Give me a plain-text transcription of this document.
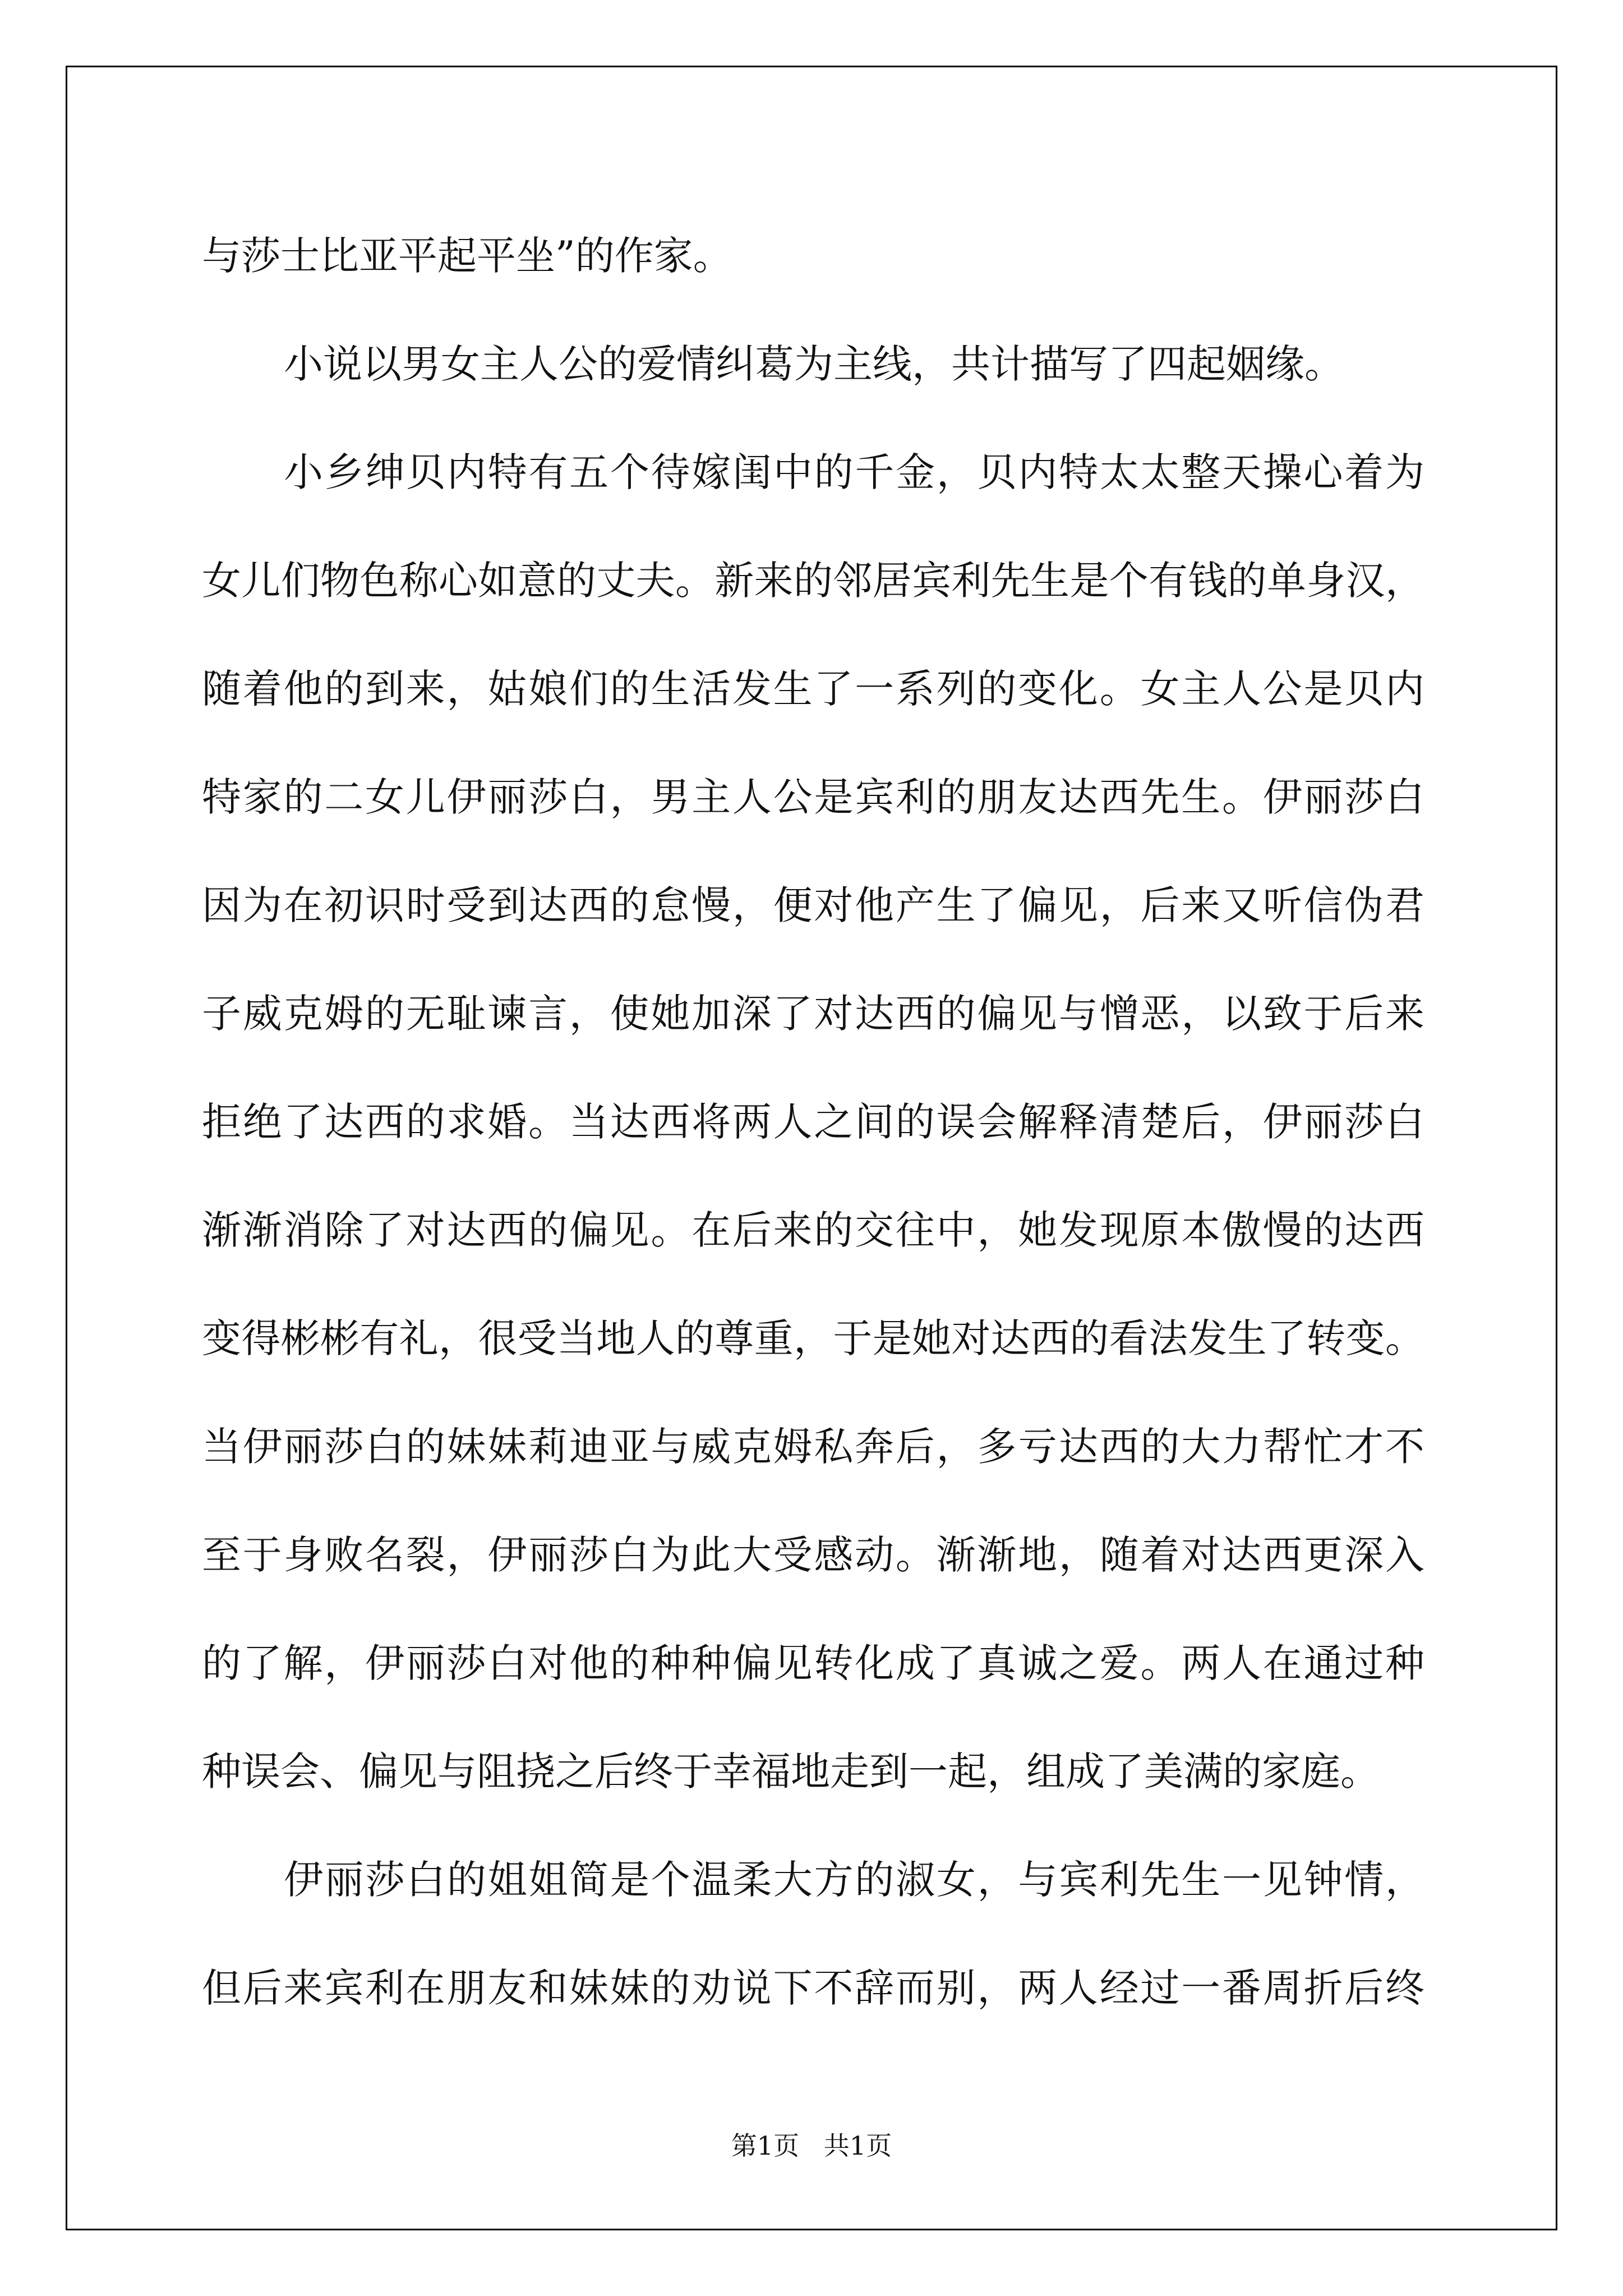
与莎士比亚平起平坐”的作家。
小说以男女主人公的爱情纠葛为主线，共计描写了四起姻缘。
小乡绅贝内特有五个待嫁闺中的千金，贝内特太太整天操心着为
女儿们物色称心如意的丈夫。新来的邻居宾利先生是个有钱的单身汉，
随着他的到来，姑娘们的生活发生了一系列的变化。女主人公是贝内
特家的二女儿伊丽莎白，男主人公是宾利的朋友达西先生。伊丽莎白
因为在初识时受到达西的怠慢，便对他产生了偏见，后来又听信伪君
子威克姆的无耻谏言，使她加深了对达西的偏见与憎恶，以致于后来
拒绝了达西的求婚。当达西将两人之间的误会解释清楚后，伊丽莎白
渐渐消除了对达西的偏见。在后来的交往中，她发现原本傲慢的达西
变得彬彬有礼，很受当地人的尊重，于是她对达西的看法发生了转变。
当伊丽莎白的妹妹莉迪亚与威克姆私奔后，多亏达西的大力帮忙才不
至于身败名裂，伊丽莎白为此大受感动。渐渐地，随着对达西更深入
的了解，伊丽莎白对他的种种偏见转化成了真诚之爱。两人在通过种
种误会、偏见与阻挠之后终于幸福地走到一起，组成了美满的家庭。
伊丽莎白的姐姐简是个温柔大方的淑女，与宾利先生一见钟情，
但后来宾利在朋友和妹妹的劝说下不辞而别，两人经过一番周折后终
第1页   共1页
